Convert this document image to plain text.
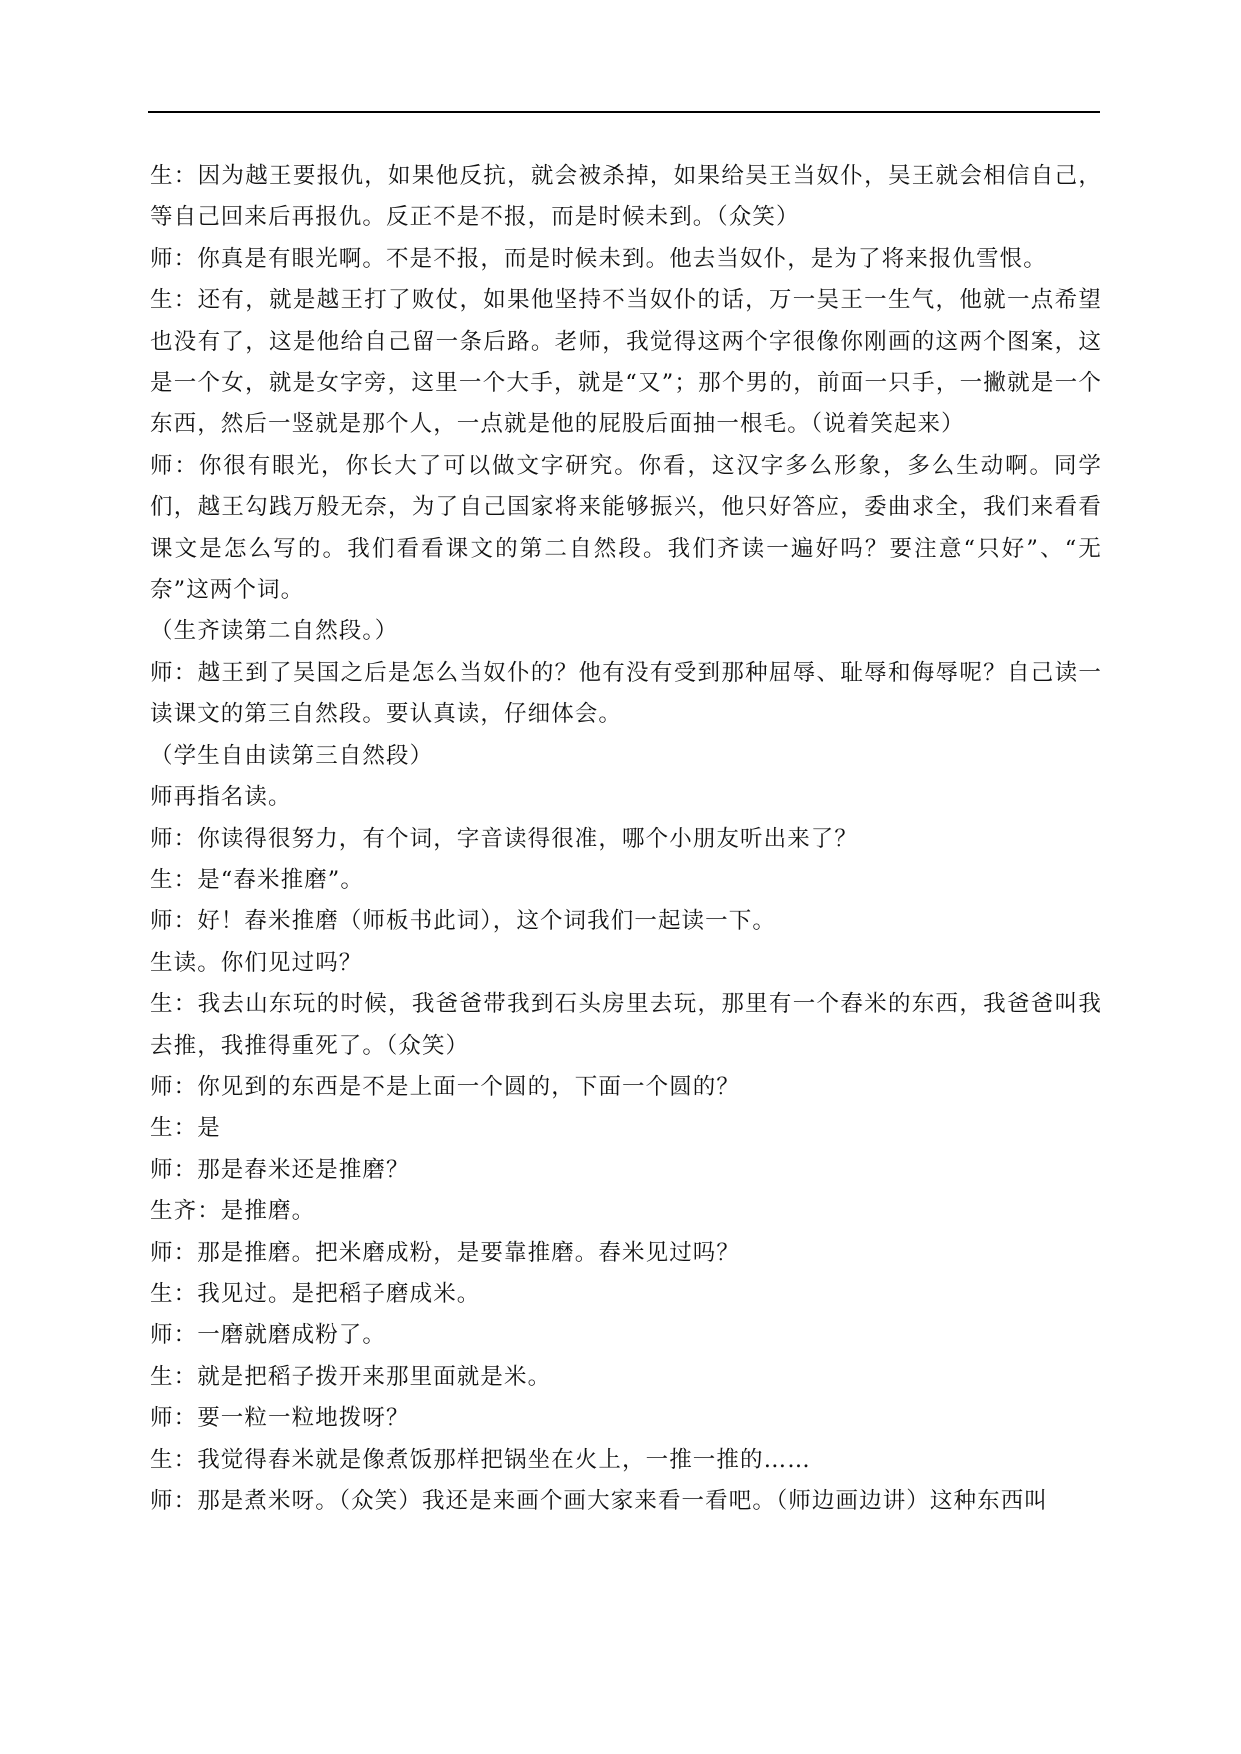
生：因为越王要报仇，如果他反抗，就会被杀掉，如果给吴王当奴仆，吴王就会相信自己，等自己回来后再报仇。反正不是不报，而是时候未到。（众笑）

师：你真是有眼光啊。不是不报，而是时候未到。他去当奴仆，是为了将来报仇雪恨。

生：还有，就是越王打了败仗，如果他坚持不当奴仆的话，万一吴王一生气，他就一点希望也没有了，这是他给自己留一条后路。老师，我觉得这两个字很像你刚画的这两个图案，这是一个女，就是女字旁，这里一个大手，就是“又”；那个男的，前面一只手，一撇就是一个东西，然后一竖就是那个人，一点就是他的屁股后面抽一根毛。（说着笑起来）

师：你很有眼光，你长大了可以做文字研究。你看，这汉字多么形象，多么生动啊。同学们，越王勾践万般无奈，为了自己国家将来能够振兴，他只好答应，委曲求全，我们来看看课文是怎么写的。我们看看课文的第二自然段。我们齐读一遍好吗？要注意“只好”、“无奈”这两个词。

（生齐读第二自然段。）

师：越王到了吴国之后是怎么当奴仆的？他有没有受到那种屈辱、耻辱和侮辱呢？自己读一读课文的第三自然段。要认真读，仔细体会。

（学生自由读第三自然段）

师再指名读。

师：你读得很努力，有个词，字音读得很准，哪个小朋友听出来了？

生：是“舂米推磨”。

师：好！舂米推磨（师板书此词），这个词我们一起读一下。

生读。你们见过吗？

生：我去山东玩的时候，我爸爸带我到石头房里去玩，那里有一个舂米的东西，我爸爸叫我去推，我推得重死了。（众笑）

师：你见到的东西是不是上面一个圆的，下面一个圆的？

生：是

师：那是舂米还是推磨？

生齐：是推磨。

师：那是推磨。把米磨成粉，是要靠推磨。舂米见过吗？

生：我见过。是把稻子磨成米。

师：一磨就磨成粉了。

生：就是把稻子拨开来那里面就是米。

师：要一粒一粒地拨呀？

生：我觉得舂米就是像煮饭那样把锅坐在火上，一推一推的……

师：那是煮米呀。（众笑）我还是来画个画大家来看一看吧。（师边画边讲）这种东西叫
